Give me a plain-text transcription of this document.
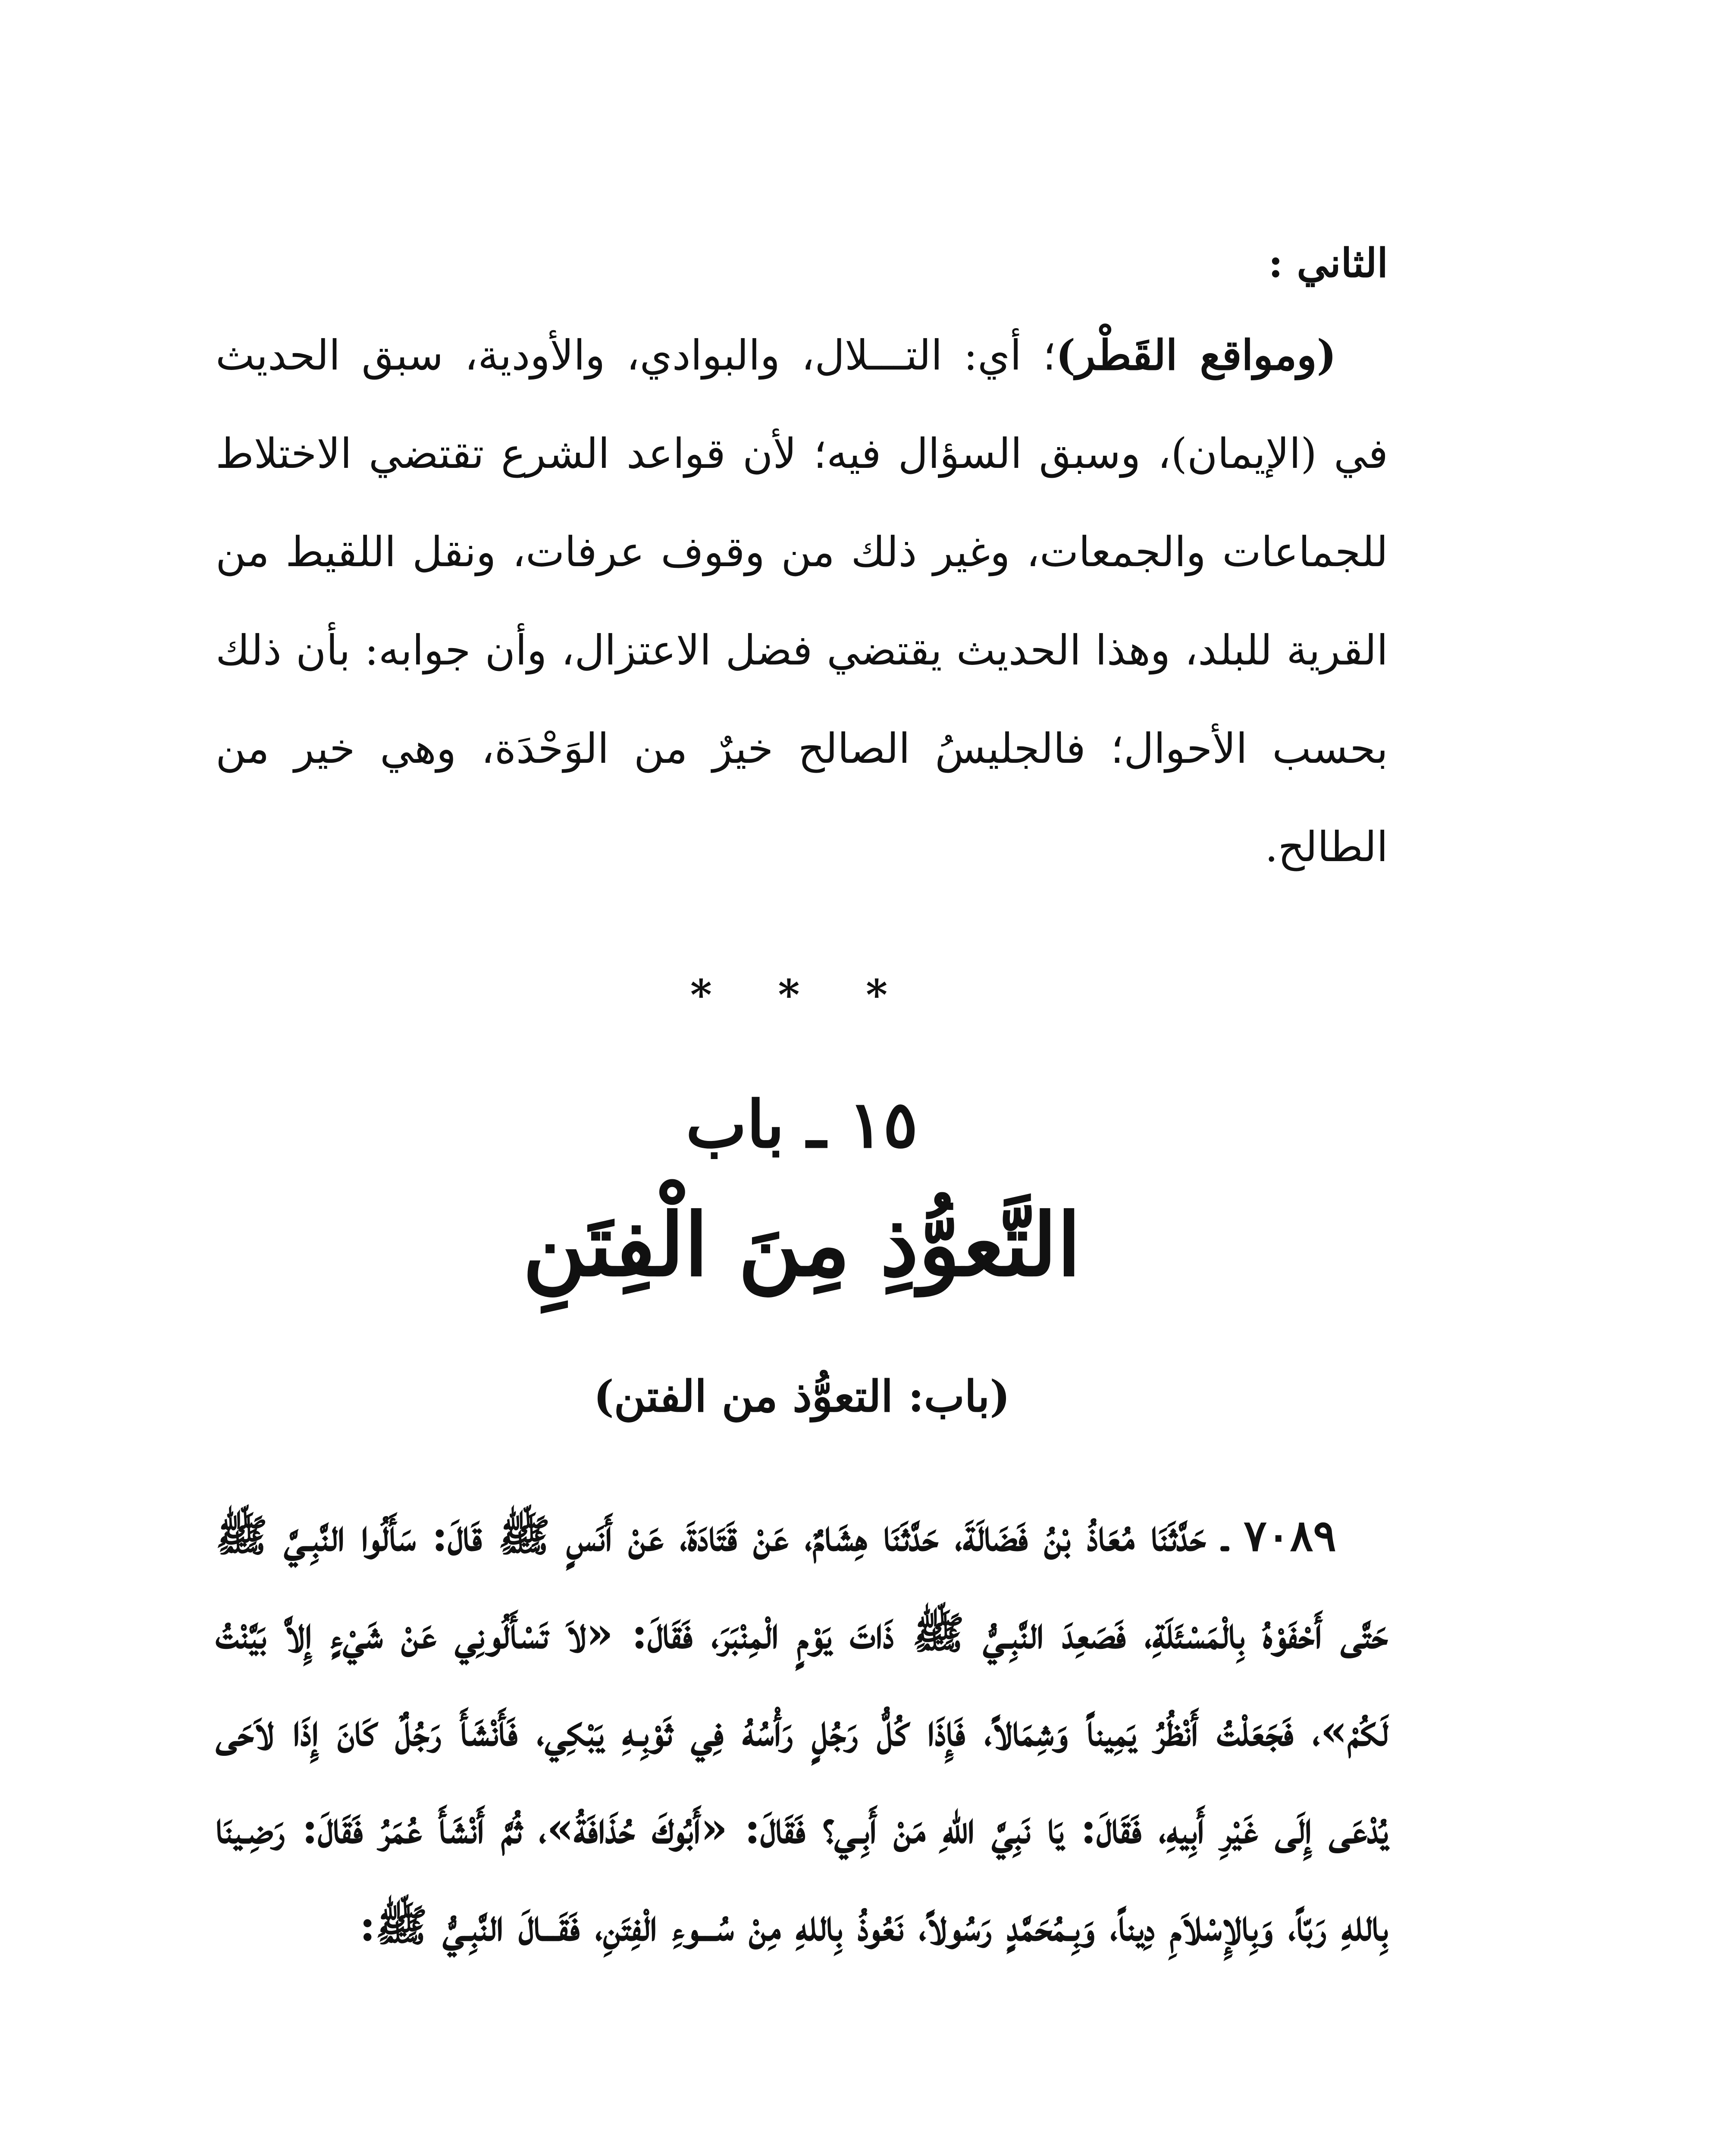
الثاني :

(ومواقع القَطْر)؛ أي: التـــلال، والبوادي، والأودية، سبق الحديث في (الإيمان)، وسبق السؤال فيه؛ لأن قواعد الشرع تقتضي الاختلاط للجماعات والجمعات، وغير ذلك من وقوف عرفات، ونقل اللقيط من القرية للبلد، وهذا الحديث يقتضي فضل الاعتزال، وأن جوابه: بأن ذلك بحسب الأحوال؛ فالجليسُ الصالح خيرٌ من الوَحْدَة، وهي خير من الطالح.

* * *

١٥ ـ باب

التَّعوُّذِ مِنَ الْفِتَنِ

(باب: التعوُّذ من الفتن)

٧٠٨٩ ـ حَدَّثَنَا مُعَاذُ بْنُ فَضَالَةَ، حَدَّثَنَا هِشَامٌ، عَنْ قَتَادَةَ، عَنْ أَنَسٍ ﷺ قَالَ: سَأَلُوا النَّبِـيَّ ﷺ حَتَّى أَحْفَوْهُ بِالْمَسْئَلَةِ، فَصَعِدَ النَّبِـيُّ ﷺ ذَاتَ يَوْمٍ الْمِنْبَرَ، فَقَالَ: «لاَ تَسْأَلُونِي عَنْ شَيْءٍ إِلاَّ بَيَّنْتُ لَكُمْ»، فَجَعَلْتُ أَنْظُرُ يَمِيناً وَشِمَالاً، فَإِذَا كُلُّ رَجُلٍ رَأْسُهُ فِي ثَوْبِـهِ يَبْكِي، فَأَنْشَأَ رَجُلٌ كَانَ إِذَا لاَحَى يُدْعَى إِلَى غَيْرِ أَبِيهِ، فَقَالَ: يَا نَبِيَّ اللهِ مَنْ أَبِـي؟ فَقَالَ: «أَبُوكَ حُذَافَةُ»، ثُمَّ أَنْشَأَ عُمَرُ فَقَالَ: رَضِـينَا بِاللهِ رَبّاً، وَبِالإِسْلاَمِ دِيناً، وَبِـمُحَمَّدٍ رَسُولاً، نَعُوذُ بِاللهِ مِنْ سُـــوءِ الْفِتَنِ، فَقَـــالَ النَّبِـيُّ ﷺ:
